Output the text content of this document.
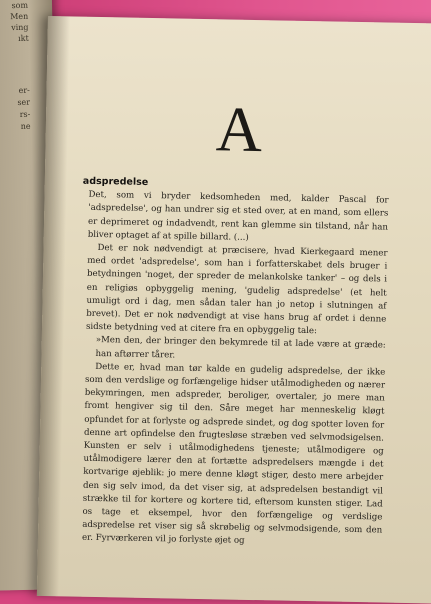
som
Men
ving
ıkt
er-
ser
rs-
ne	A
adspredelse

Det, som vi bryder kedsomheden med, kalder Pascal for 'adspredelse', og han undrer sig et sted over, at en mand, som ellers er deprimeret og indadvendt, rent kan glemme sin tilstand, når han bliver optaget af at spille billard. (...)

Det er nok nødvendigt at præcisere, hvad Kierkegaard mener med ordet 'adspredelse', som han i forfatterskabet dels bruger i betydningen 'noget, der spreder de melankolske tanker' – og dels i en religiøs opbyggelig mening, 'gudelig adspredelse' (et helt umuligt ord i dag, men sådan taler han jo netop i slutningen af brevet). Det er nok nødvendigt at vise hans brug af ordet i denne sidste betydning ved at citere fra en opbyggelig tale:

»Men den, der bringer den bekymrede til at lade være at græde: han aftørrer tårer.

Dette er, hvad man tør kalde en gudelig adspredelse, der ikke som den verdslige og forfængelige hidser utålmodigheden og nærer bekymringen, men adspreder, beroliger, overtaler, jo mere man fromt hengiver sig til den. Såre meget har menneskelig kløgt opfundet for at forlyste og adsprede sindet, og dog spotter loven for denne art opfindelse den frugtesløse stræben ved selvmodsigelsen. Kunsten er selv i utålmodighedens tjeneste; utålmodigere og utålmodigere lærer den at fortætte adspredelsers mængde i det kortvarige øjeblik: jo mere denne kløgt stiger, desto mere arbejder den sig selv imod, da det viser sig, at adspredelsen bestandigt vil strække til for kortere og kortere tid, eftersom kunsten stiger. Lad os tage et eksempel, hvor den forfængelige og verdslige adspredelse ret viser sig så skrøbelig og selvmodsigende, som den er. Fyrværkeren vil jo forlyste øjet og
